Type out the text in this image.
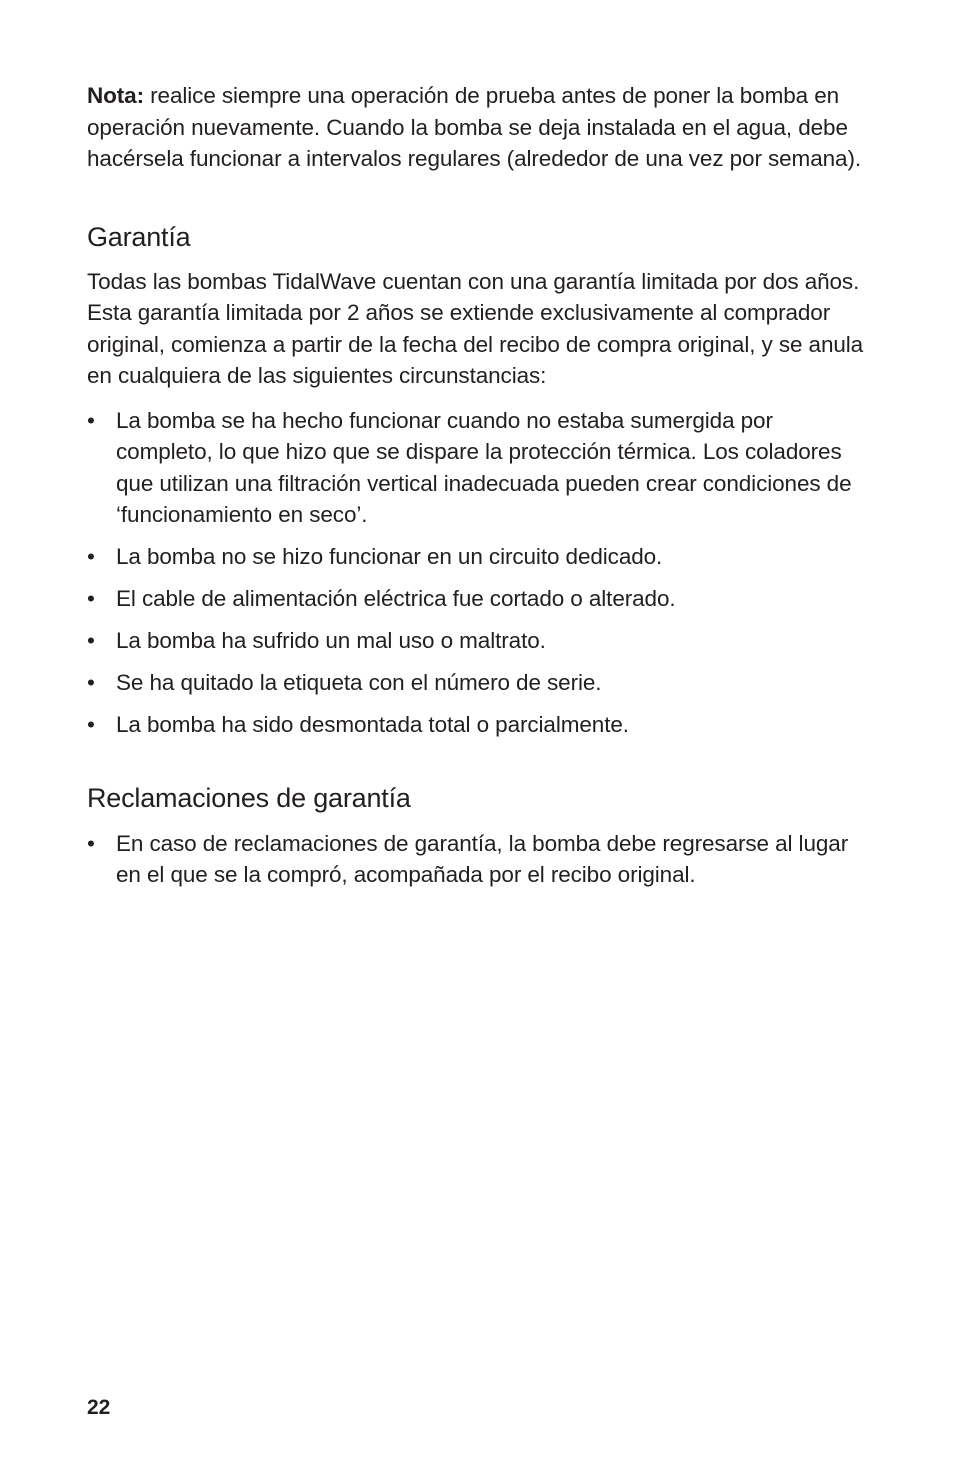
Nota: realice siempre una operación de prueba antes de poner la bomba en operación nuevamente. Cuando la bomba se deja instalada en el agua, debe hacérsela funcionar a intervalos regulares (alrededor de una vez por semana).

Garantía

Todas las bombas TidalWave cuentan con una garantía limitada por dos años. Esta garantía limitada por 2 años se extiende exclusivamente al comprador original, comienza a partir de la fecha del recibo de compra original, y se anula en cualquiera de las siguientes circunstancias:

• La bomba se ha hecho funcionar cuando no estaba sumergida por completo, lo que hizo que se dispare la protección térmica. Los coladores que utilizan una filtración vertical inadecuada pueden crear condiciones de ‘funcionamiento en seco’.
• La bomba no se hizo funcionar en un circuito dedicado.
• El cable de alimentación eléctrica fue cortado o alterado.
• La bomba ha sufrido un mal uso o maltrato.
• Se ha quitado la etiqueta con el número de serie.
• La bomba ha sido desmontada total o parcialmente.
Reclamaciones de garantía
• En caso de reclamaciones de garantía, la bomba debe regresarse al lugar en el que se la compró, acompañada por el recibo original.
22
